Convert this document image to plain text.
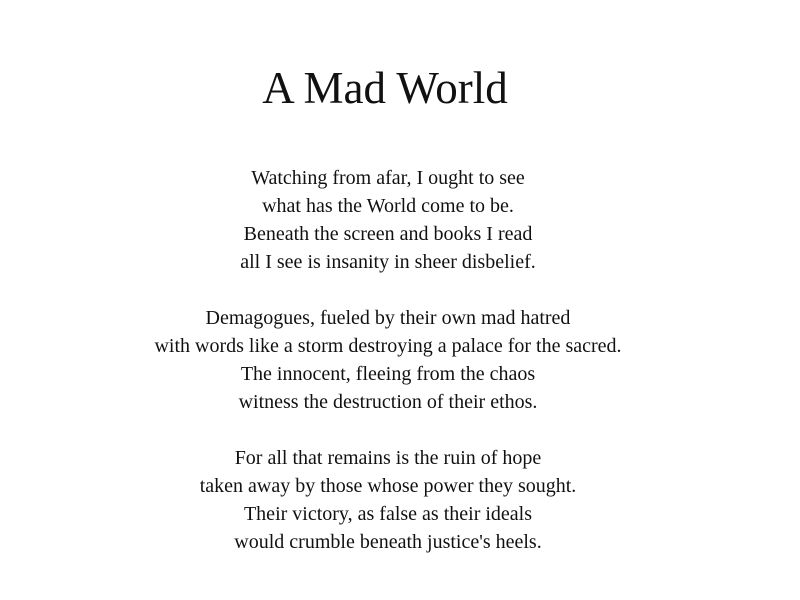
A Mad World

Watching from afar, I ought to see
what has the World come to be.
Beneath the screen and books I read
all I see is insanity in sheer disbelief.

Demagogues, fueled by their own mad hatred
with words like a storm destroying a palace for the sacred.
The innocent, fleeing from the chaos
witness the destruction of their ethos.

For all that remains is the ruin of hope
taken away by those whose power they sought.
Their victory, as false as their ideals
would crumble beneath justice's heels.
